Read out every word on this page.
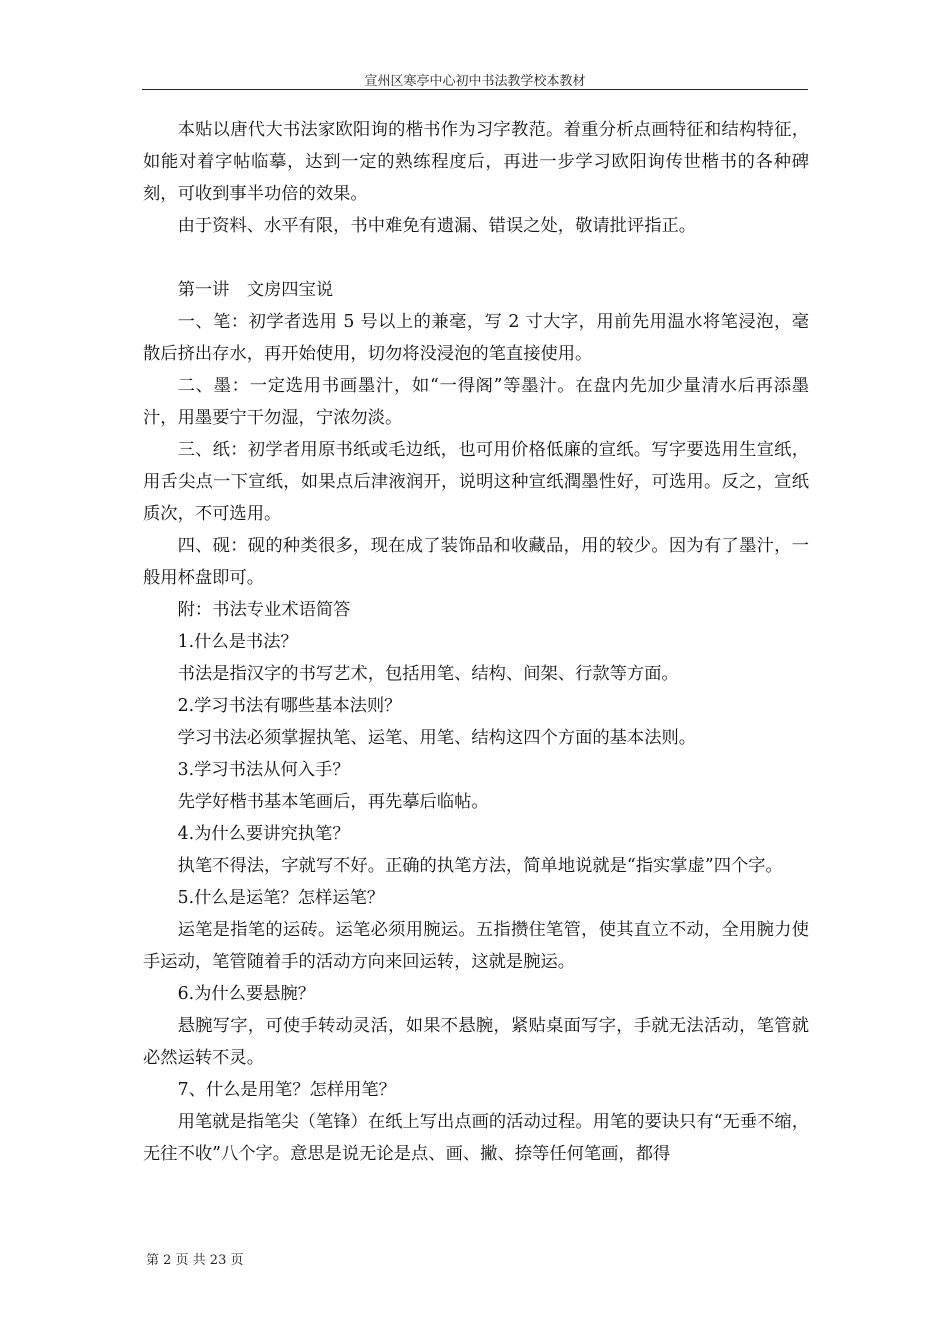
宣州区寒亭中心初中书法教学校本教材

本贴以唐代大书法家欧阳询的楷书作为习字教范。着重分析点画特征和结构特征，如能对着字帖临摹，达到一定的熟练程度后，再进一步学习欧阳询传世楷书的各种碑刻，可收到事半功倍的效果。

由于资料、水平有限，书中难免有遗漏、错误之处，敬请批评指正。

第一讲　文房四宝说

一、笔：初学者选用 5 号以上的兼毫，写 2 寸大字，用前先用温水将笔浸泡，毫散后挤出存水，再开始使用，切勿将没浸泡的笔直接使用。

二、墨：一定选用书画墨汁，如“一得阁”等墨汁。在盘内先加少量清水后再添墨汁，用墨要宁干勿湿，宁浓勿淡。

三、纸：初学者用原书纸或毛边纸，也可用价格低廉的宣纸。写字要选用生宣纸，用舌尖点一下宣纸，如果点后津液润开，说明这种宣纸潤墨性好，可选用。反之，宣纸质次，不可选用。

四、砚：砚的种类很多，现在成了装饰品和收藏品，用的较少。因为有了墨汁，一般用杯盘即可。

附：书法专业术语简答

1.什么是书法？

书法是指汉字的书写艺术，包括用笔、结构、间架、行款等方面。

2.学习书法有哪些基本法则？

学习书法必须掌握执笔、运笔、用笔、结构这四个方面的基本法则。

3.学习书法从何入手？

先学好楷书基本笔画后，再先摹后临帖。

4.为什么要讲究执笔？

执笔不得法，字就写不好。正确的执笔方法，简单地说就是“指实掌虚”四个字。

5.什么是运笔？怎样运笔？

运笔是指笔的运砖。运笔必须用腕运。五指攒住笔管，使其直立不动，全用腕力使手运动，笔管随着手的活动方向来回运转，这就是腕运。

6.为什么要悬腕？

悬腕写字，可使手转动灵活，如果不悬腕，紧贴桌面写字，手就无法活动，笔管就必然运转不灵。

7、什么是用笔？怎样用笔？

用笔就是指笔尖（笔锋）在纸上写出点画的活动过程。用笔的要诀只有“无垂不缩，无往不收”八个字。意思是说无论是点、画、撇、捺等任何笔画，都得

第 2 页 共 23 页
